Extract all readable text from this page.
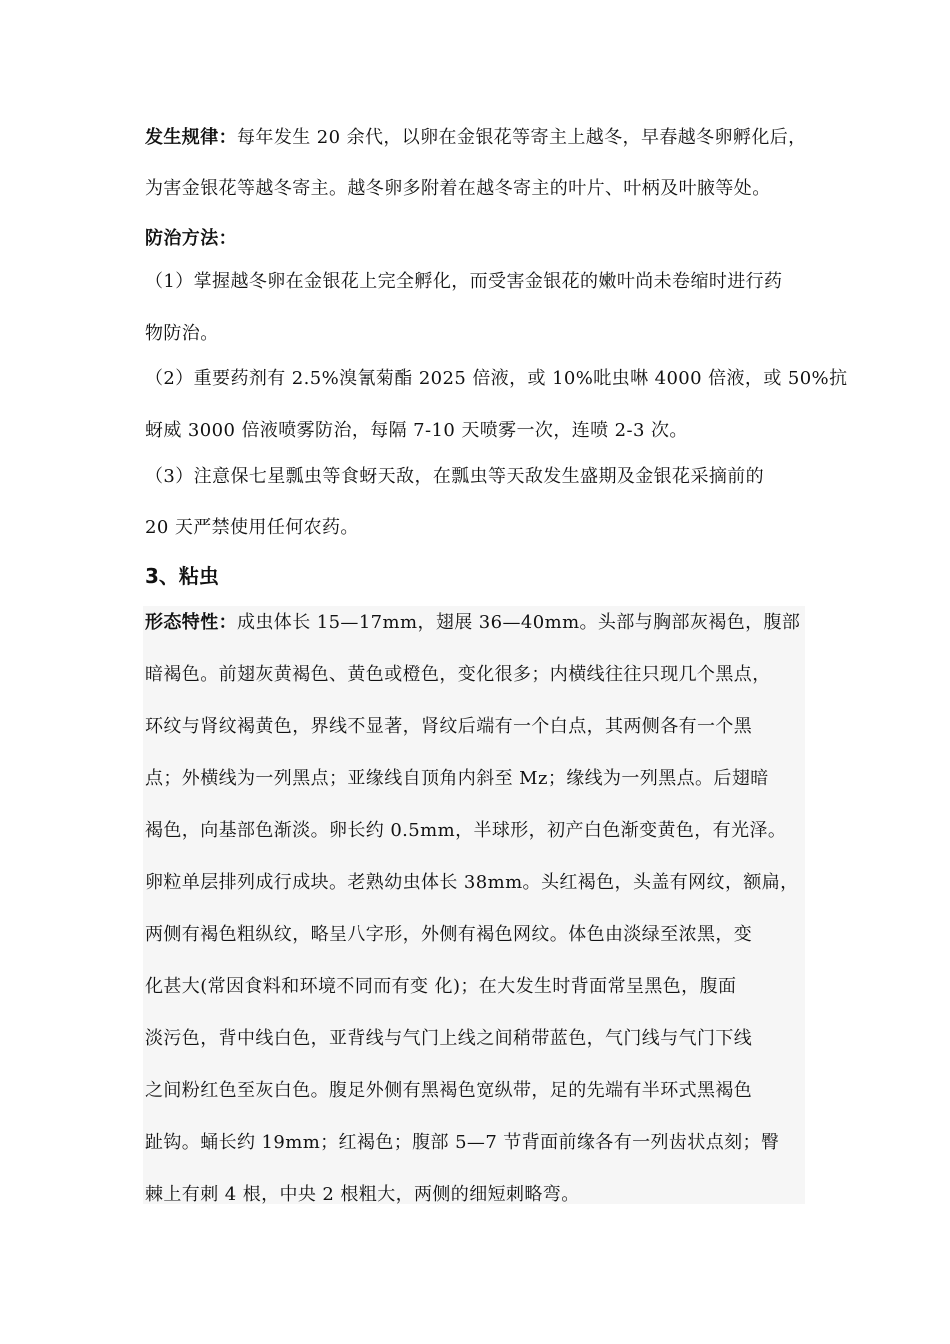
发生规律：每年发生 20 余代，以卵在金银花等寄主上越冬，早春越冬卵孵化后，
为害金银花等越冬寄主。越冬卵多附着在越冬寄主的叶片、叶柄及叶腋等处。
防治方法：
（1）掌握越冬卵在金银花上完全孵化，而受害金银花的嫩叶尚未卷缩时进行药
物防治。
（2）重要药剂有 2.5%溴氰菊酯 2025 倍液，或 10%吡虫啉 4000 倍液，或 50%抗
蚜威 3000 倍液喷雾防治，每隔 7-10 天喷雾一次，连喷 2-3 次。
（3）注意保七星瓢虫等食蚜天敌，在瓢虫等天敌发生盛期及金银花采摘前的
20 天严禁使用任何农药。
3、粘虫
形态特性：成虫体长 15—17mm，翅展 36—40mm。头部与胸部灰褐色，腹部
暗褐色。前翅灰黄褐色、黄色或橙色，变化很多；内横线往往只现几个黑点，
环纹与肾纹褐黄色，界线不显著，肾纹后端有一个白点，其两侧各有一个黑
点；外横线为一列黑点；亚缘线自顶角内斜至 Mz；缘线为一列黑点。后翅暗
褐色，向基部色渐淡。卵长约 0.5mm，半球形，初产白色渐变黄色，有光泽。
卵粒单层排列成行成块。老熟幼虫体长 38mm。头红褐色，头盖有网纹，额扁，
两侧有褐色粗纵纹，略呈八字形，外侧有褐色网纹。体色由淡绿至浓黑，变
化甚大(常因食料和环境不同而有变 化)；在大发生时背面常呈黑色，腹面
淡污色，背中线白色，亚背线与气门上线之间稍带蓝色，气门线与气门下线
之间粉红色至灰白色。腹足外侧有黑褐色宽纵带，足的先端有半环式黑褐色
趾钩。蛹长约 19mm；红褐色；腹部 5—7 节背面前缘各有一列齿状点刻；臀
棘上有刺 4 根，中央 2 根粗大，两侧的细短刺略弯。
